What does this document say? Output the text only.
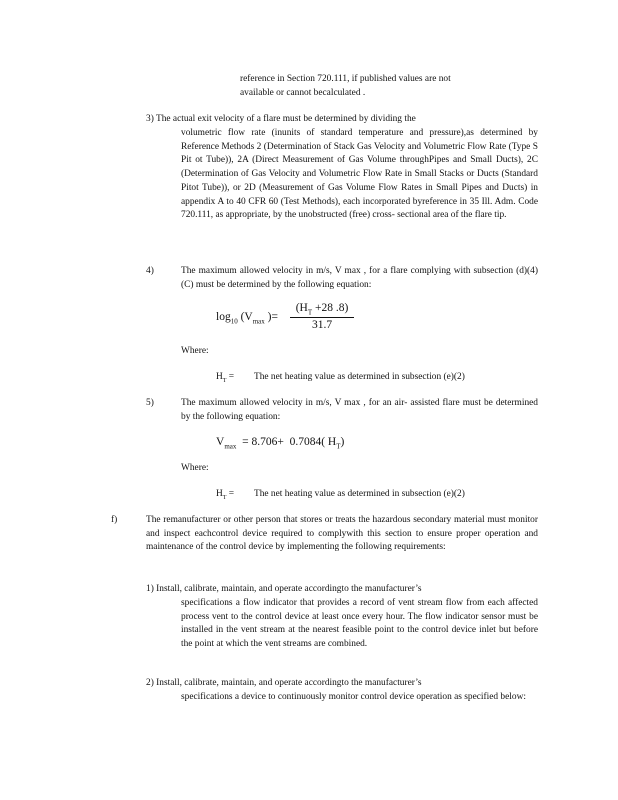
reference in Section 720.111, if published values are not
available or cannot becalculated .
3) The actual exit velocity of a flare must be determined by dividing the
volumetric flow rate (inunits of standard temperature and pressure),as determined by Reference Methods 2 (Determination of Stack Gas Velocity and Volumetric Flow Rate (Type S Pit ot Tube)), 2A (Direct Measurement of Gas Volume throughPipes and Small Ducts), 2C (Determination of Gas Velocity and Volumetric Flow Rate in Small Stacks or Ducts (Standard Pitot Tube)), or 2D (Measurement of Gas Volume Flow Rates in Small Pipes and Ducts) in appendix A to 40 CFR 60 (Test Methods), each incorporated byreference in 35 Ill. Adm. Code 720.111, as appropriate, by the unobstructed (free) cross- sectional area of the flare tip.
4)	The maximum allowed velocity in m/s, V max , for a flare complying with subsection (d)(4)(C) must be determined by the following equation:
$\log_{10} (V_{max}$ )=
($H_T +28$ .8)
31.7
Where:
$H_T$ = The net heating value as determined in subsection (e)(2)
5)	The maximum allowed velocity in m/s, V max , for an air- assisted flare must be determined by the following equation:
$V_{max} = 8.706+ 0.7084$( $H_T$)
Where:
$H_T$ = The net heating value as determined in subsection (e)(2)
f)	The remanufacturer or other person that stores or treats the hazardous secondary material must monitor and inspect eachcontrol device required to complywith this section to ensure proper operation and maintenance of the control device by implementing the following requirements:
1) Install, calibrate, maintain, and operate accordingto the manufacturer’s
specifications a flow indicator that provides a record of vent stream flow from each affected process vent to the control device at least once every hour. The flow indicator sensor must be installed in the vent stream at the nearest feasible point to the control device inlet but before the point at which the vent streams are combined.
2) Install, calibrate, maintain, and operate accordingto the manufacturer’s
specifications a device to continuously monitor control device operation as specified below:
